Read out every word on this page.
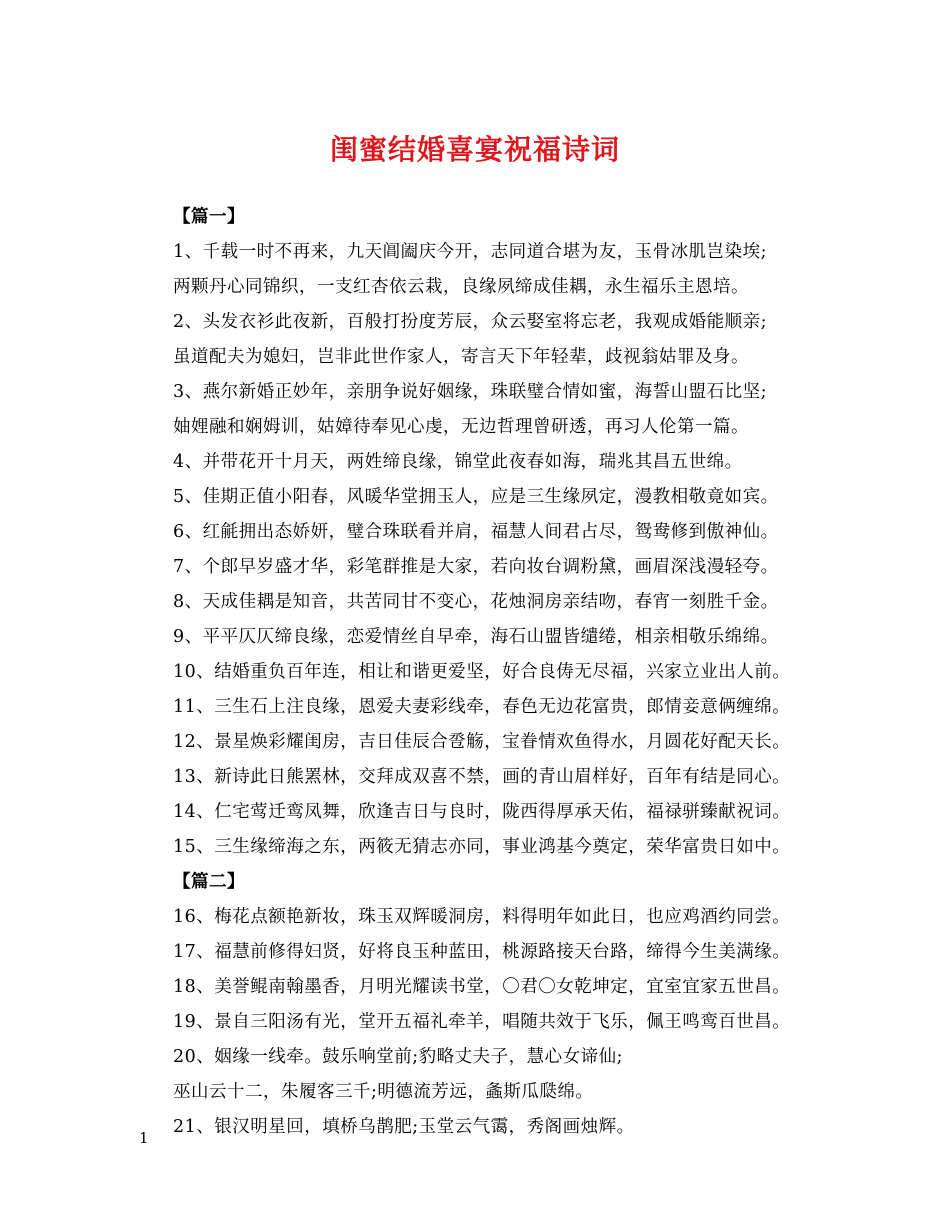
闺蜜结婚喜宴祝福诗词
【篇一】
1、千载一时不再来，九天阊阖庆今开，志同道合堪为友，玉骨冰肌岂染埃;
两颗丹心同锦织，一支红杏依云栽，良缘夙缔成佳耦，永生福乐主恩培。
2、头发衣衫此夜新，百般打扮度芳辰，众云娶室将忘老，我观成婚能顺亲;
虽道配夫为媳妇，岂非此世作家人，寄言天下年轻辈，歧视翁姑罪及身。
3、燕尔新婚正妙年，亲朋争说好姻缘，珠联璧合情如蜜，海誓山盟石比坚;
妯娌融和娴姆训，姑嫜待奉见心虔，无边哲理曾研透，再习人伦第一篇。
4、并带花开十月天，两姓缔良缘，锦堂此夜春如海，瑞兆其昌五世绵。
5、佳期正值小阳春，风暖华堂拥玉人，应是三生缘夙定，漫教相敬竟如宾。
6、红毹拥出态娇妍，璧合珠联看并肩，福慧人间君占尽，鸳鸯修到傲神仙。
7、个郎早岁盛才华，彩笔群推是大家，若向妆台调粉黛，画眉深浅漫轻夸。
8、天成佳耦是知音，共苦同甘不变心，花烛洞房亲结吻，春宵一刻胜千金。
9、平平仄仄缔良缘，恋爱情丝自早牵，海石山盟皆缱绻，相亲相敬乐绵绵。
10、结婚重负百年连，相让和谐更爱坚，好合良俦无尽福，兴家立业出人前。
11、三生石上注良缘，恩爱夫妻彩线牵，春色无边花富贵，郎情妾意俩缠绵。
12、景星焕彩耀闺房，吉日佳辰合卺觞，宝眷情欢鱼得水，月圆花好配天长。
13、新诗此日熊罴林，交拜成双喜不禁，画的青山眉样好，百年有结是同心。
14、仁宅莺迁鸾凤舞，欣逢吉日与良时，陇西得厚承天佑，福禄骈臻献祝词。
15、三生缘缔海之东，两筱无猜志亦同，事业鸿基今奠定，荣华富贵日如中。
【篇二】
16、梅花点额艳新妆，珠玉双辉暖洞房，料得明年如此日，也应鸡酒约同尝。
17、福慧前修得妇贤，好将良玉种蓝田，桃源路接天台路，缔得今生美满缘。
18、美誉鲲南翰墨香，月明光耀读书堂，〇君〇女乾坤定，宜室宜家五世昌。
19、景自三阳汤有光，堂开五福礼牵羊，唱随共效于飞乐，佩王鸣鸾百世昌。
20、姻缘一线牵。鼓乐响堂前;豹略丈夫子，慧心女谛仙;
巫山云十二，朱履客三千;明德流芳远，螽斯瓜瓞绵。
21、银汉明星回，填桥乌鹊肥;玉堂云气霭，秀阁画烛辉。
1
